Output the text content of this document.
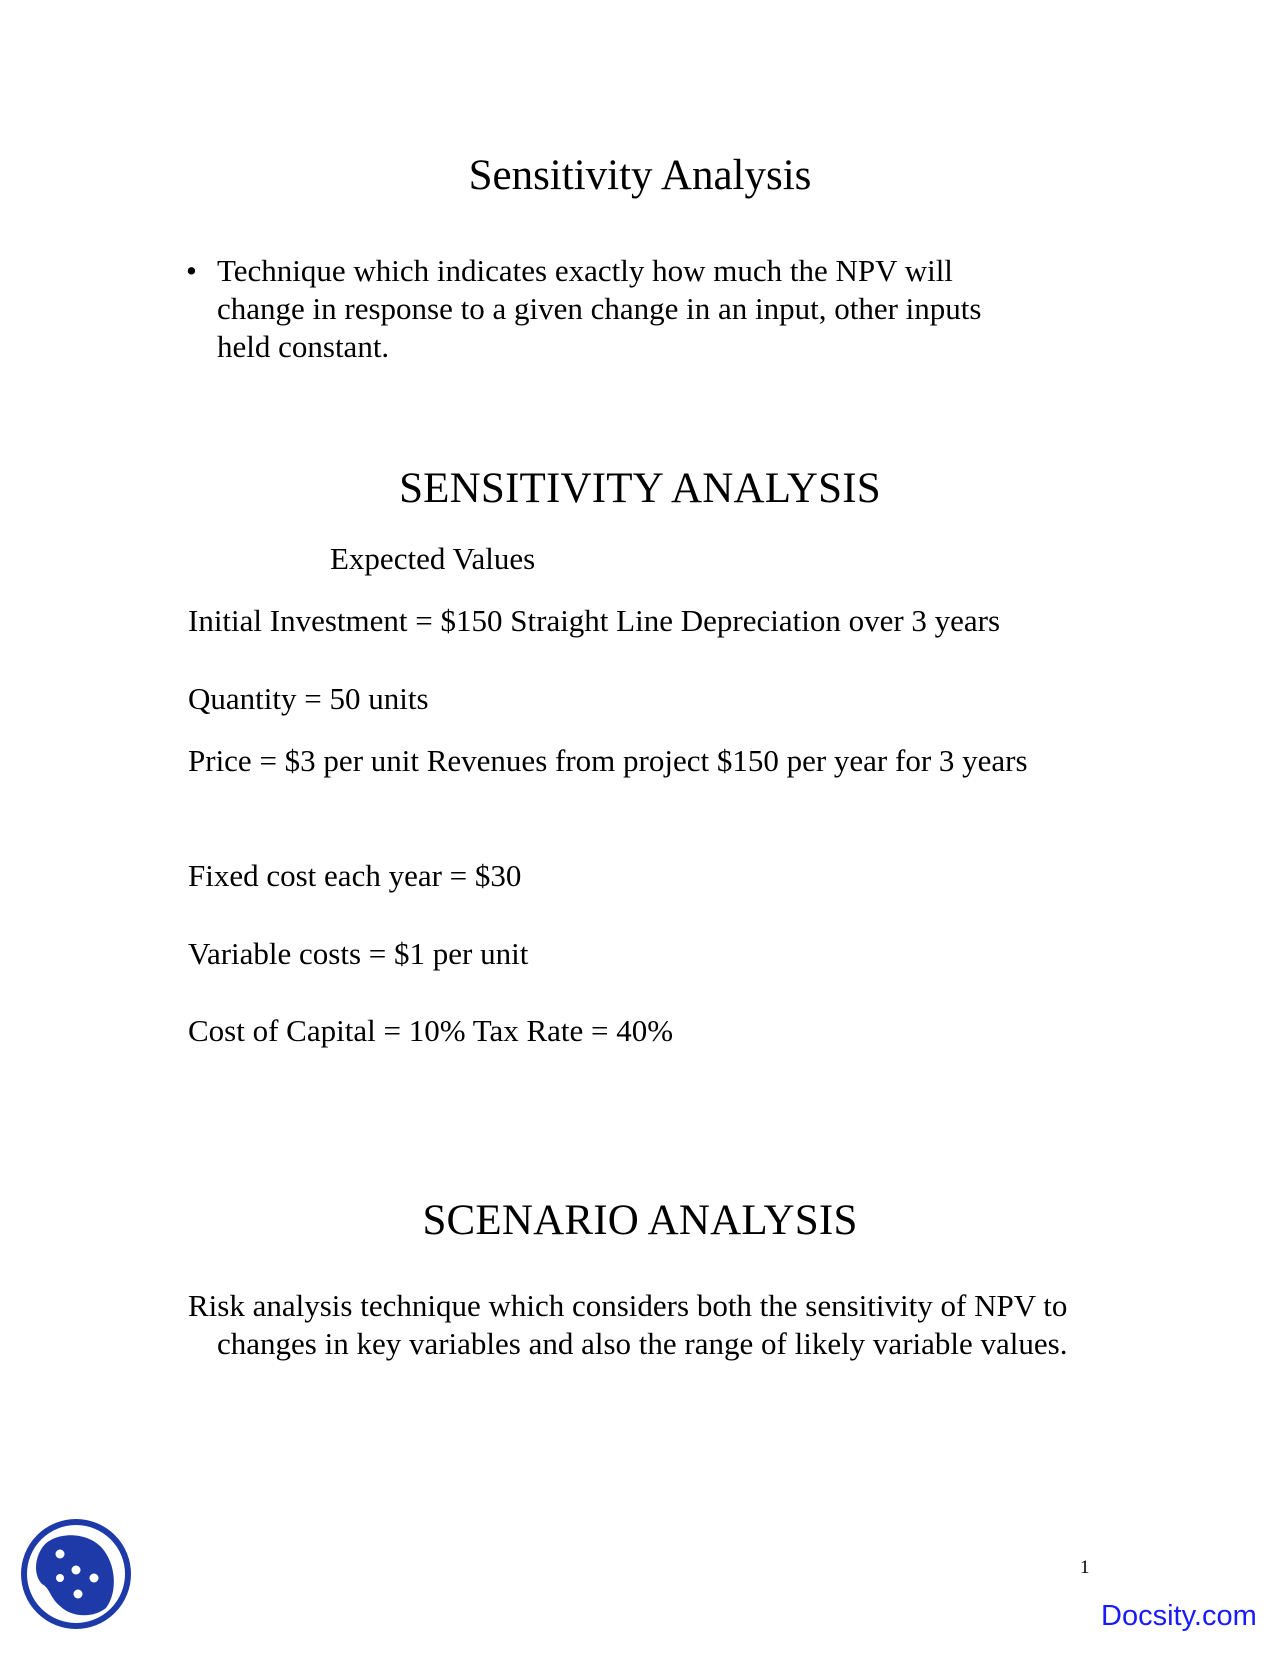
Sensitivity Analysis
• Technique which indicates exactly how much the NPV will
change in response to a given change in an input, other inputs
held constant.
SENSITIVITY ANALYSIS

Expected Values

Initial Investment = $150 Straight Line Depreciation over 3 years

Quantity = 50 units

Price = $3 per unit Revenues from project $150 per year for 3 years

Fixed cost each year = $30

Variable costs = $1 per unit

Cost of Capital = 10% Tax Rate = 40%

SCENARIO ANALYSIS

Risk analysis technique which considers both the sensitivity of NPV to changes in key variables and also the range of likely variable values.

1
Docsity.com
